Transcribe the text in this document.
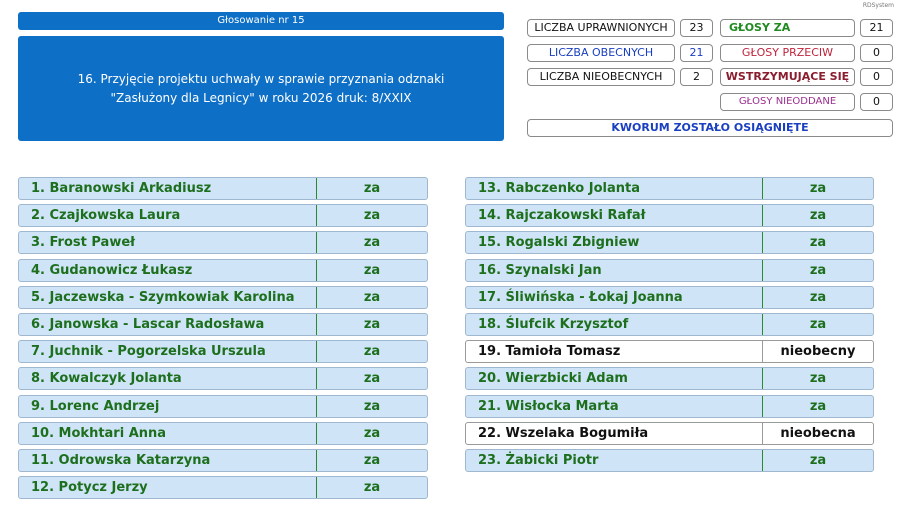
RDSystem
Głosowanie nr 15
16. Przyjęcie projektu uchwały w sprawie przyznania odznaki "Zasłużony dla Legnicy" w roku 2026 druk: 8/XXIX
LICZBA UPRAWNIONYCH	23
LICZBA OBECNYCH	21
LICZBA NIEOBECNYCH	2
GŁOSY ZA	21
GŁOSY PRZECIW	0
WSTRZYMUJĄCE SIĘ	0
GŁOSY NIEODDANE	0
KWORUM ZOSTAŁO OSIĄGNIĘTE
1. Baranowski Arkadiusz	za
2. Czajkowska Laura	za
3. Frost Paweł	za
4. Gudanowicz Łukasz	za
5. Jaczewska - Szymkowiak Karolina	za
6. Janowska - Lascar Radosława	za
7. Juchnik - Pogorzelska Urszula	za
8. Kowalczyk Jolanta	za
9. Lorenc Andrzej	za
10. Mokhtari Anna	za
11. Odrowska Katarzyna	za
12. Potycz Jerzy	za
13. Rabczenko Jolanta	za
14. Rajczakowski Rafał	za
15. Rogalski Zbigniew	za
16. Szynalski Jan	za
17. Śliwińska - Łokaj Joanna	za
18. Ślufcik Krzysztof	za
19. Tamioła Tomasz	nieobecny
20. Wierzbicki Adam	za
21. Wisłocka Marta	za
22. Wszelaka Bogumiła	nieobecna
23. Żabicki Piotr	za
